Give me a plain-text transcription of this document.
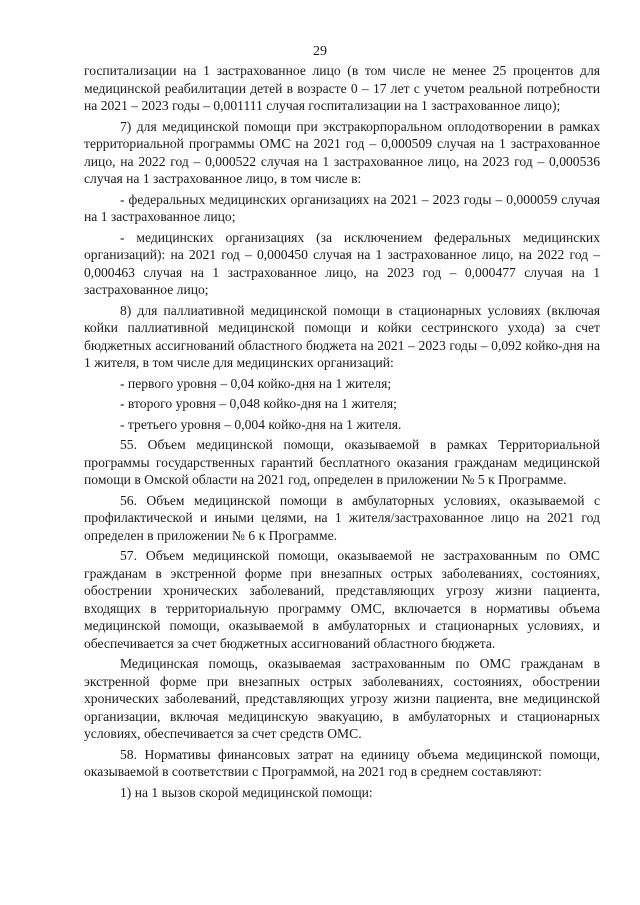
29

госпитализации на 1 застрахованное лицо (в том числе не менее 25 процентов для медицинской реабилитации детей в возрасте 0 – 17 лет с учетом реальной потребности на 2021 – 2023 годы – 0,001111 случая госпитализации на 1 застрахованное лицо);

7) для медицинской помощи при экстракорпоральном оплодотворении в рамках территориальной программы ОМС на 2021 год – 0,000509 случая на 1 застрахованное лицо, на 2022 год – 0,000522 случая на 1 застрахованное лицо, на 2023 год – 0,000536 случая на 1 застрахованное лицо, в том числе в:

- федеральных медицинских организациях на 2021 – 2023 годы – 0,000059 случая на 1 застрахованное лицо;

- медицинских организациях (за исключением федеральных медицинских организаций): на 2021 год – 0,000450 случая на 1 застрахованное лицо, на 2022 год – 0,000463 случая на 1 застрахованное лицо, на 2023 год – 0,000477 случая на 1 застрахованное лицо;

8) для паллиативной медицинской помощи в стационарных условиях (включая койки паллиативной медицинской помощи и койки сестринского ухода) за счет бюджетных ассигнований областного бюджета на 2021 – 2023 годы – 0,092 койко-дня на 1 жителя, в том числе для медицинских организаций:

- первого уровня – 0,04 койко-дня на 1 жителя;

- второго уровня – 0,048 койко-дня на 1 жителя;

- третьего уровня – 0,004 койко-дня на 1 жителя.

55. Объем медицинской помощи, оказываемой в рамках Территориальной программы государственных гарантий бесплатного оказания гражданам медицинской помощи в Омской области на 2021 год, определен в приложении № 5 к Программе.

56. Объем медицинской помощи в амбулаторных условиях, оказываемой с профилактической и иными целями, на 1 жителя/застрахованное лицо на 2021 год определен в приложении № 6 к Программе.

57. Объем медицинской помощи, оказываемой не застрахованным по ОМС гражданам в экстренной форме при внезапных острых заболеваниях, состояниях, обострении хронических заболеваний, представляющих угрозу жизни пациента, входящих в территориальную программу ОМС, включается в нормативы объема медицинской помощи, оказываемой в амбулаторных и стационарных условиях, и обеспечивается за счет бюджетных ассигнований областного бюджета.

Медицинская помощь, оказываемая застрахованным по ОМС гражданам в экстренной форме при внезапных острых заболеваниях, состояниях, обострении хронических заболеваний, представляющих угрозу жизни пациента, вне медицинской организации, включая медицинскую эвакуацию, в амбулаторных и стационарных условиях, обеспечивается за счет средств ОМС.

58. Нормативы финансовых затрат на единицу объема медицинской помощи, оказываемой в соответствии с Программой, на 2021 год в среднем составляют:

1) на 1 вызов скорой медицинской помощи:
